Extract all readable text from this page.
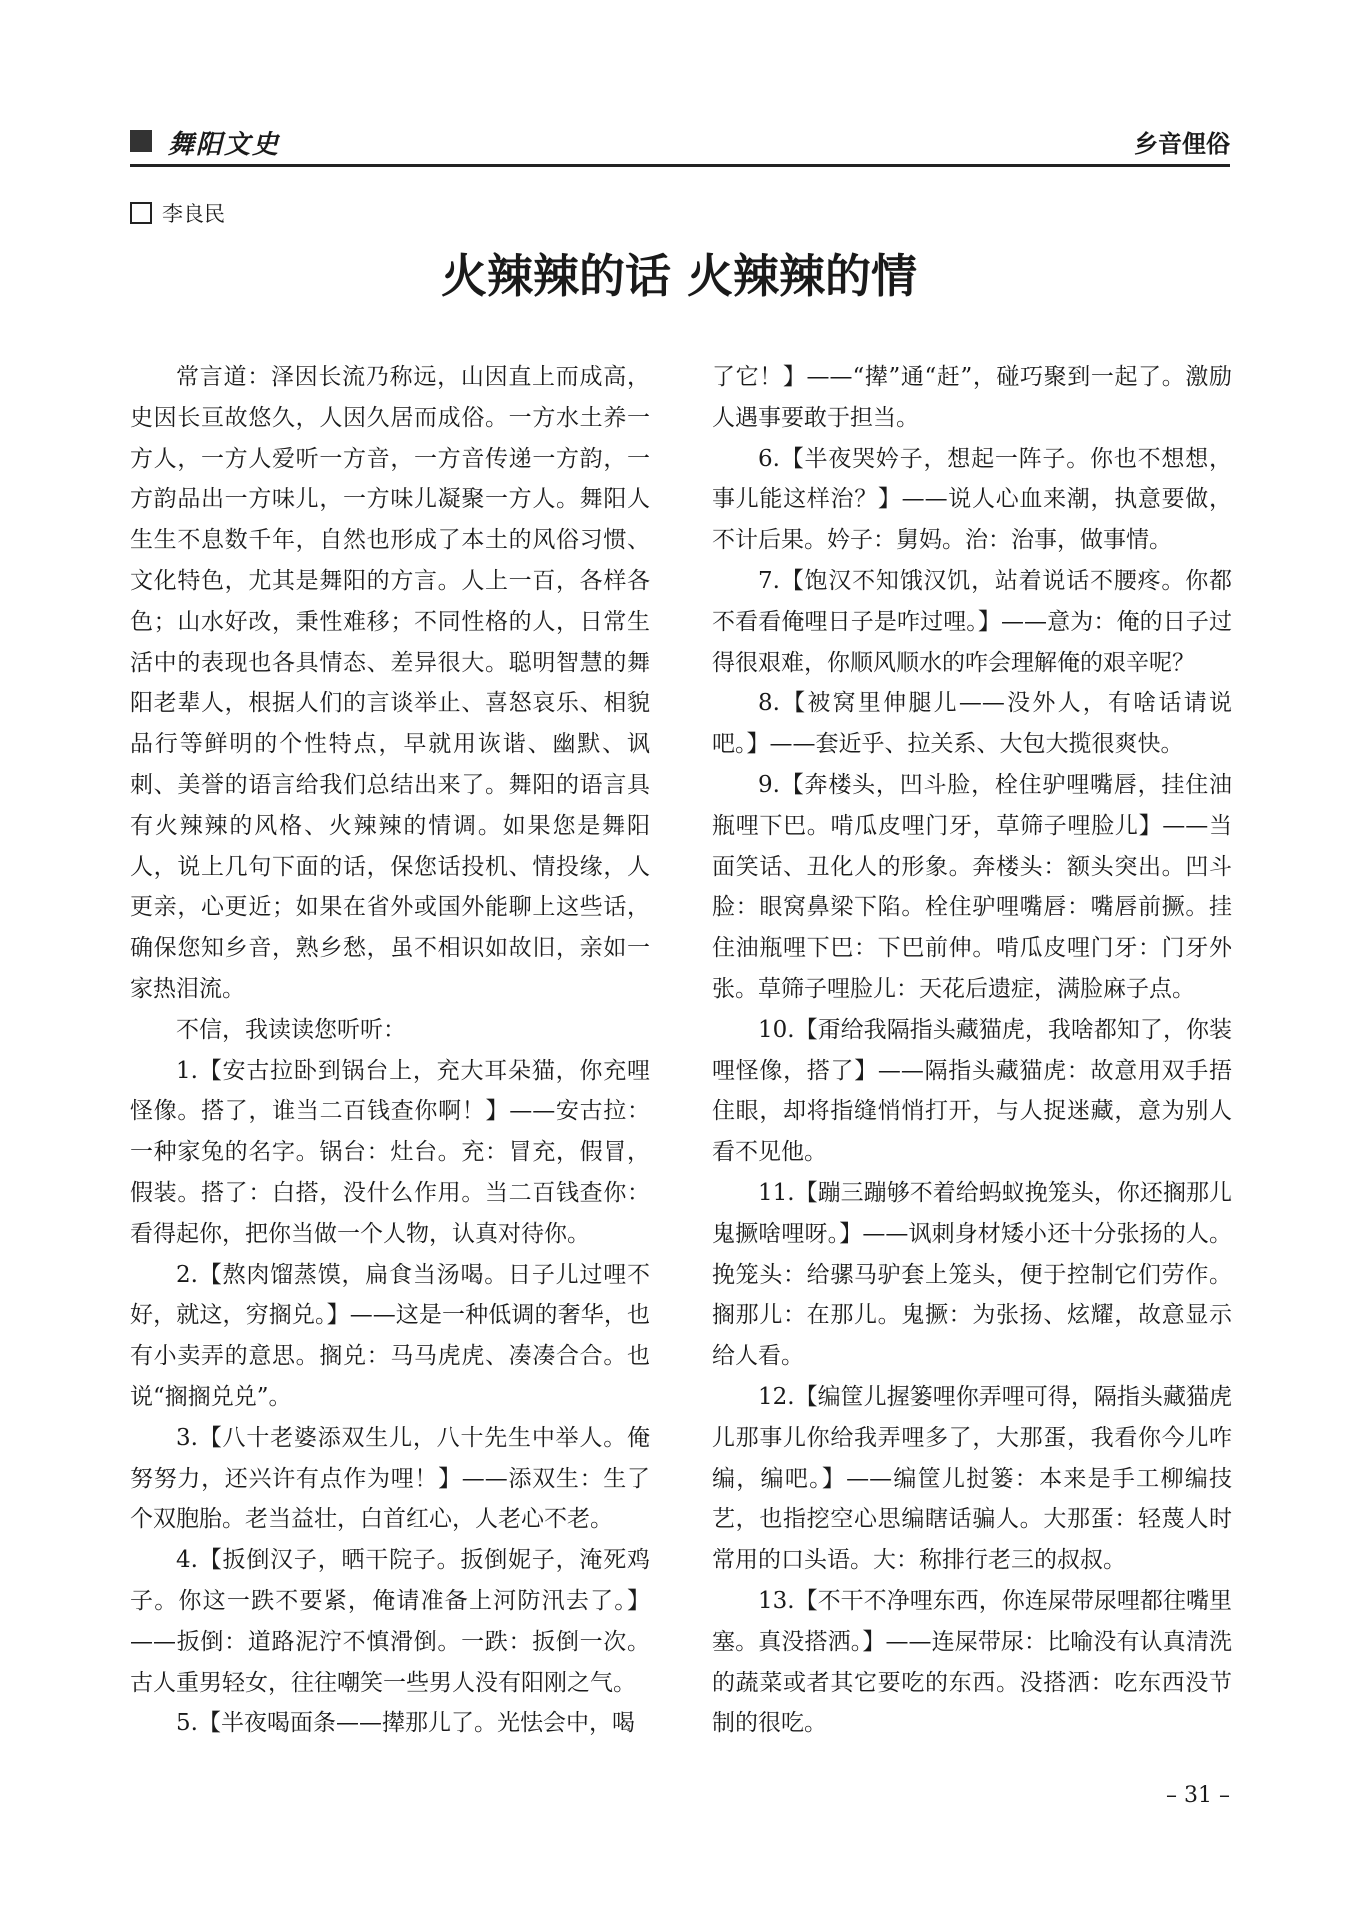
舞阳文史	乡音俚俗
李良民
火辣辣的话 火辣辣的情

常言道：泽因长流乃称远，山因直上而成高，史因长亘故悠久，人因久居而成俗。一方水土养一方人，一方人爱听一方音，一方音传递一方韵，一方韵品出一方味儿，一方味儿凝聚一方人。舞阳人生生不息数千年，自然也形成了本土的风俗习惯、文化特色，尤其是舞阳的方言。人上一百，各样各色；山水好改，秉性难移；不同性格的人，日常生活中的表现也各具情态、差异很大。聪明智慧的舞阳老辈人，根据人们的言谈举止、喜怒哀乐、相貌品行等鲜明的个性特点，早就用诙谐、幽默、讽刺、美誉的语言给我们总结出来了。舞阳的语言具有火辣辣的风格、火辣辣的情调。如果您是舞阳人，说上几句下面的话，保您话投机、情投缘，人更亲，心更近；如果在省外或国外能聊上这些话，确保您知乡音，熟乡愁，虽不相识如故旧，亲如一家热泪流。

不信，我读读您听听：

1.【安古拉卧到锅台上，充大耳朵猫，你充哩怪像。搭了，谁当二百钱查你啊！】——安古拉：一种家兔的名字。锅台：灶台。充：冒充，假冒，假装。搭了：白搭，没什么作用。当二百钱查你：看得起你，把你当做一个人物，认真对待你。

2.【熬肉馏蒸馍，扁食当汤喝。日子儿过哩不好，就这，穷搁兑。】——这是一种低调的奢华，也有小卖弄的意思。搁兑：马马虎虎、凑凑合合。也说“搁搁兑兑”。

3.【八十老婆添双生儿，八十先生中举人。俺努努力，还兴许有点作为哩！】——添双生：生了个双胞胎。老当益壮，白首红心，人老心不老。

4.【扳倒汉子，晒干院子。扳倒妮子，淹死鸡子。你这一跌不要紧，俺请准备上河防汛去了。】——扳倒：道路泥泞不慎滑倒。一跌：扳倒一次。古人重男轻女，往往嘲笑一些男人没有阳刚之气。

5.【半夜喝面条——撵那儿了。光怯会中，喝

了它！】——“撵”通“赶”，碰巧聚到一起了。激励人遇事要敢于担当。

6.【半夜哭妗子，想起一阵子。你也不想想，事儿能这样治？】——说人心血来潮，执意要做，不计后果。妗子：舅妈。治：治事，做事情。

7.【饱汉不知饿汉饥，站着说话不腰疼。你都不看看俺哩日子是咋过哩。】——意为：俺的日子过得很艰难，你顺风顺水的咋会理解俺的艰辛呢？

8.【被窝里伸腿儿——没外人，有啥话请说吧。】——套近乎、拉关系、大包大揽很爽快。

9.【奔楼头，凹斗脸，栓住驴哩嘴唇，挂住油瓶哩下巴。啃瓜皮哩门牙，草筛子哩脸儿】——当面笑话、丑化人的形象。奔楼头：额头突出。凹斗脸：眼窝鼻梁下陷。栓住驴哩嘴唇：嘴唇前撅。挂住油瓶哩下巴：下巴前伸。啃瓜皮哩门牙：门牙外张。草筛子哩脸儿：天花后遗症，满脸麻子点。

10.【甭给我隔指头藏猫虎，我啥都知了，你装哩怪像，搭了】——隔指头藏猫虎：故意用双手捂住眼，却将指缝悄悄打开，与人捉迷藏，意为别人看不见他。

11.【蹦三蹦够不着给蚂蚁挽笼头，你还搁那儿鬼撅啥哩呀。】——讽刺身材矮小还十分张扬的人。挽笼头：给骡马驴套上笼头，便于控制它们劳作。搁那儿：在那儿。鬼撅：为张扬、炫耀，故意显示给人看。

12.【编筐儿握篓哩你弄哩可得，隔指头藏猫虎儿那事儿你给我弄哩多了，大那蛋，我看你今儿咋编，编吧。】——编筐儿挝篓：本来是手工柳编技艺，也指挖空心思编瞎话骗人。大那蛋：轻蔑人时常用的口头语。大：称排行老三的叔叔。

13.【不干不净哩东西，你连屎带尿哩都往嘴里塞。真没搭洒。】——连屎带尿：比喻没有认真清洗的蔬菜或者其它要吃的东西。没搭洒：吃东西没节制的很吃。

– 31 –
